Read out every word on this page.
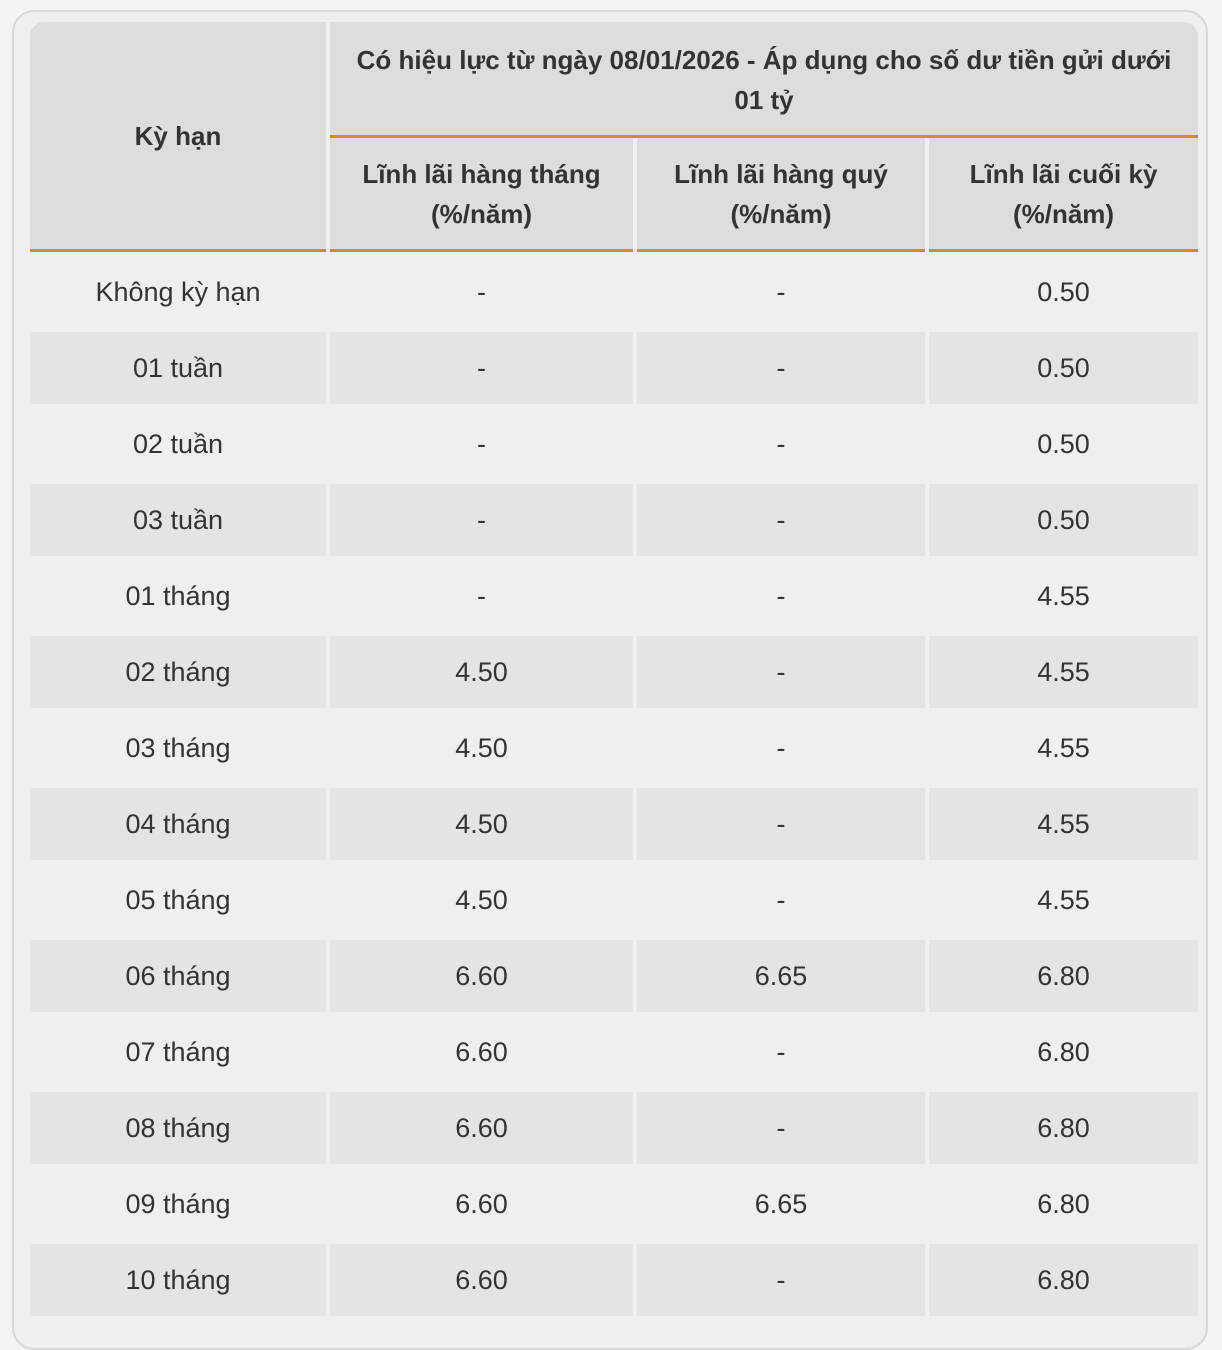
Kỳ hạn	Có hiệu lực từ ngày 08/01/2026 - Áp dụng cho số dư tiền gửi dưới 01 tỷ		
	Lĩnh lãi hàng tháng (%/năm)	Lĩnh lãi hàng quý (%/năm)	Lĩnh lãi cuối kỳ (%/năm)
Không kỳ hạn	-	-	0.50
01 tuần	-	-	0.50
02 tuần	-	-	0.50
03 tuần	-	-	0.50
01 tháng	-	-	4.55
02 tháng	4.50	-	4.55
03 tháng	4.50	-	4.55
04 tháng	4.50	-	4.55
05 tháng	4.50	-	4.55
06 tháng	6.60	6.65	6.80
07 tháng	6.60	-	6.80
08 tháng	6.60	-	6.80
09 tháng	6.60	6.65	6.80
10 tháng	6.60	-	6.80
